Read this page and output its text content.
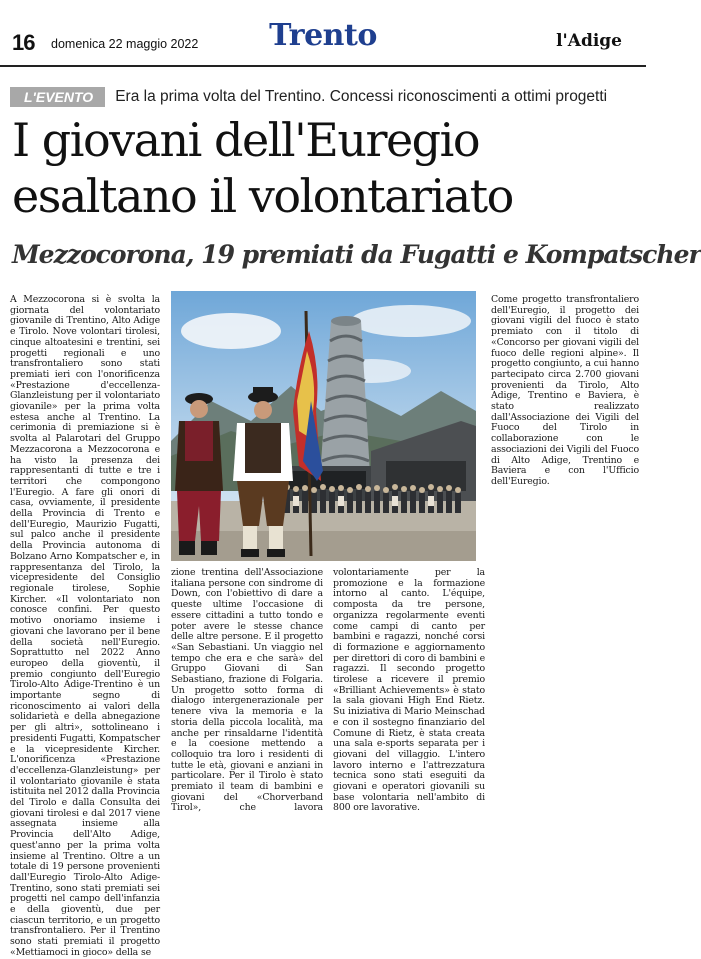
16 domenica 22 maggio 2022	Trento	l'Adige
L'EVENTO	Era la prima volta del Trentino. Concessi riconoscimenti a ottimi progetti
I giovani dell'Euregio esaltano il volontariato
Mezzocorona, 19 premiati da Fugatti e Kompatscher

A Mezzocorona si è svolta la giornata del volontariato giovanile di Trentino, Alto Adige e Tirolo. Nove volontari tirolesi, cinque altoatesini e trentini, sei progetti regionali e uno transfrontaliero sono stati premiati ieri con l'onorificenza «Prestazione d'eccellenza-Glanzleistung per il volontariato giovanile» per la prima volta estesa anche al Trentino. La cerimonia di premiazione si è svolta al Palarotari del Gruppo Mezzacorona a Mezzocorona e ha visto la presenza dei rappresentanti di tutte e tre i territori che compongono l'Euregio. A fare gli onori di casa, ovviamente, il presidente della Provincia di Trento e dell'Euregio, Maurizio Fugatti, sul palco anche il presidente della Provincia autonoma di Bolzano Arno Kompatscher e, in rappresentanza del Tirolo, la vicepresidente del Consiglio regionale tirolese, Sophie Kircher. «Il volontariato non conosce confini. Per questo motivo onoriamo insieme i giovani che lavorano per il bene della società nell'Euregio. Soprattutto nel 2022 Anno europeo della gioventù, il premio congiunto dell'Euregio Tirolo-Alto Adige-Trentino è un importante segno di riconoscimento ai valori della solidarietà e della abnegazione per gli altri», sottolineano i presidenti Fugatti, Kompatscher e la vicepresidente Kircher. L'onorificenza «Prestazione d'eccellenza-Glanzleistung» per il volontariato giovanile è stata istituita nel 2012 dalla Provincia del Tirolo e dalla Consulta dei giovani tirolesi e dal 2017 viene assegnata insieme alla Provincia dell'Alto Adige, quest'anno per la prima volta insieme al Trentino. Oltre a un totale di 19 persone provenienti dall'Euregio Tirolo-Alto Adige-Trentino, sono stati premiati sei progetti nel campo dell'infanzia e della gioventù, due per ciascun territorio, e un progetto transfrontaliero. Per il Trentino sono stati premiati il progetto «Mettiamoci in gioco» della se

zione trentina dell'Associazione italiana persone con sindrome di Down, con l'obiettivo di dare a queste ultime l'occasione di essere cittadini a tutto tondo e poter avere le stesse chance delle altre persone. E il progetto «San Sebastiani. Un viaggio nel tempo che era e che sarà» del Gruppo Giovani di San Sebastiano, frazione di Folgaria. Un progetto sotto forma di dialogo intergenerazionale per tenere viva la memoria e la storia della piccola località, ma anche per rinsaldarne l'identità e la coesione mettendo a colloquio tra loro i residenti di tutte le età, giovani e anziani in particolare. Per il Tirolo è stato premiato il team di bambini e giovani del «Chorverband Tirol», che lavora volontariamente per la promozione e la formazione intorno al canto. L'équipe, composta da tre persone, organizza regolarmente eventi come campi di canto per bambini e ragazzi, nonché corsi di formazione e aggiornamento per direttori di coro di bambini e ragazzi. Il secondo progetto tirolese a ricevere il premio «Brilliant Achievements» è stato la sala giovani High End Rietz. Su iniziativa di Mario Meinschad e con il sostegno finanziario del Comune di Rietz, è stata creata una sala e-sports separata per i giovani del villaggio. L'intero lavoro interno e l'attrezzatura tecnica sono stati eseguiti da giovani e operatori giovanili su base volontaria nell'ambito di 800 ore lavorative.

Come progetto transfrontaliero dell'Euregio, il progetto dei giovani vigili del fuoco è stato premiato con il titolo di «Concorso per giovani vigili del fuoco delle regioni alpine». Il progetto congiunto, a cui hanno partecipato circa 2.700 giovani provenienti da Tirolo, Alto Adige, Trentino e Baviera, è stato realizzato dall'Associazione dei Vigili del Fuoco del Tirolo in collaborazione con le associazioni dei Vigili del Fuoco di Alto Adige, Trentino e Baviera e con l'Ufficio dell'Euregio.
